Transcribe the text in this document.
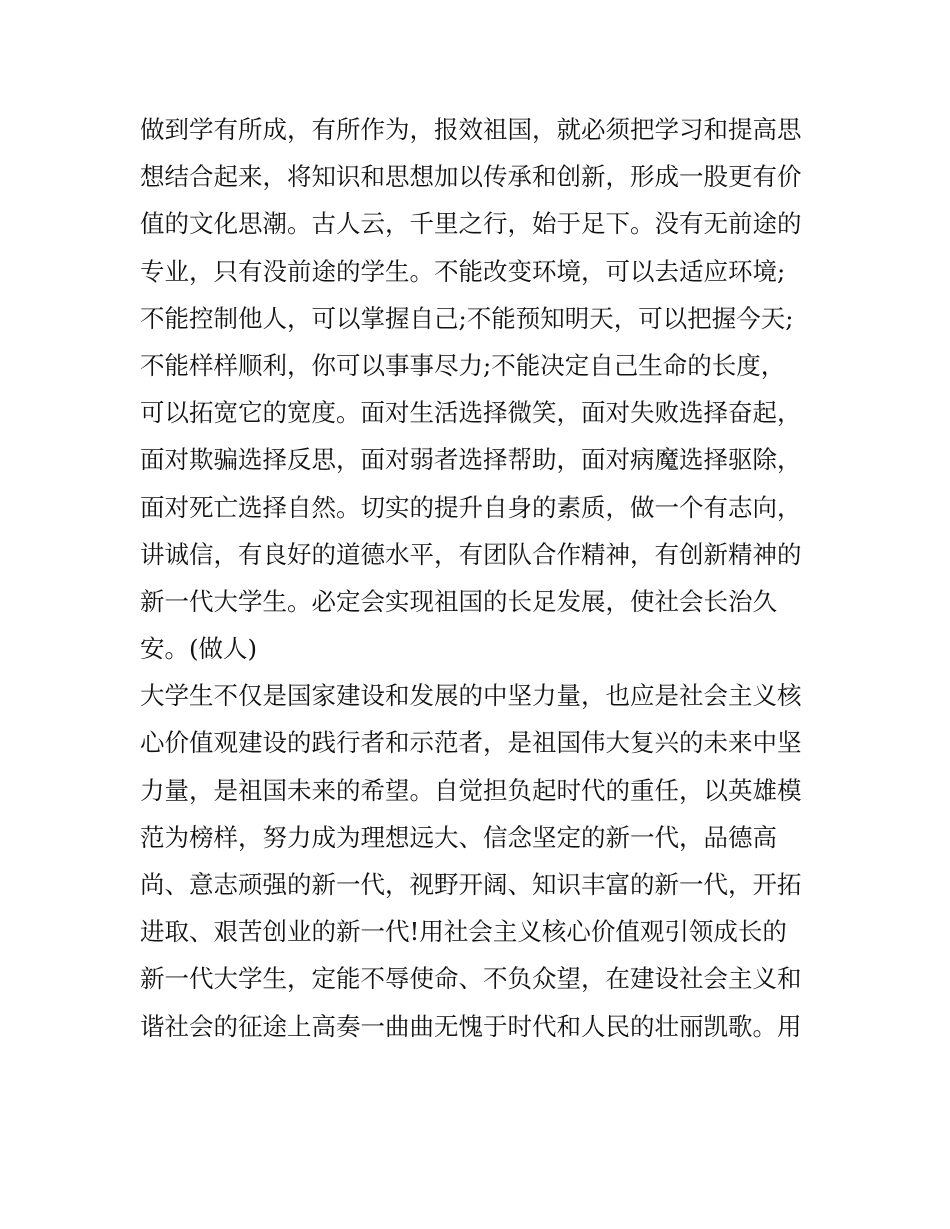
做到学有所成，有所作为，报效祖国，就必须把学习和提高思
想结合起来，将知识和思想加以传承和创新，形成一股更有价
值的文化思潮。古人云，千里之行，始于足下。没有无前途的
专业，只有没前途的学生。不能改变环境，可以去适应环境;
不能控制他人，可以掌握自己;不能预知明天，可以把握今天;
不能样样顺利，你可以事事尽力;不能决定自己生命的长度，
可以拓宽它的宽度。面对生活选择微笑，面对失败选择奋起，
面对欺骗选择反思，面对弱者选择帮助，面对病魔选择驱除，
面对死亡选择自然。切实的提升自身的素质，做一个有志向，
讲诚信，有良好的道德水平，有团队合作精神，有创新精神的
新一代大学生。必定会实现祖国的长足发展，使社会长治久
安。(做人)
大学生不仅是国家建设和发展的中坚力量，也应是社会主义核
心价值观建设的践行者和示范者，是祖国伟大复兴的未来中坚
力量，是祖国未来的希望。自觉担负起时代的重任，以英雄模
范为榜样，努力成为理想远大、信念坚定的新一代，品德高
尚、意志顽强的新一代，视野开阔、知识丰富的新一代，开拓
进取、艰苦创业的新一代!用社会主义核心价值观引领成长的
新一代大学生，定能不辱使命、不负众望，在建设社会主义和
谐社会的征途上高奏一曲曲无愧于时代和人民的壮丽凯歌。用
